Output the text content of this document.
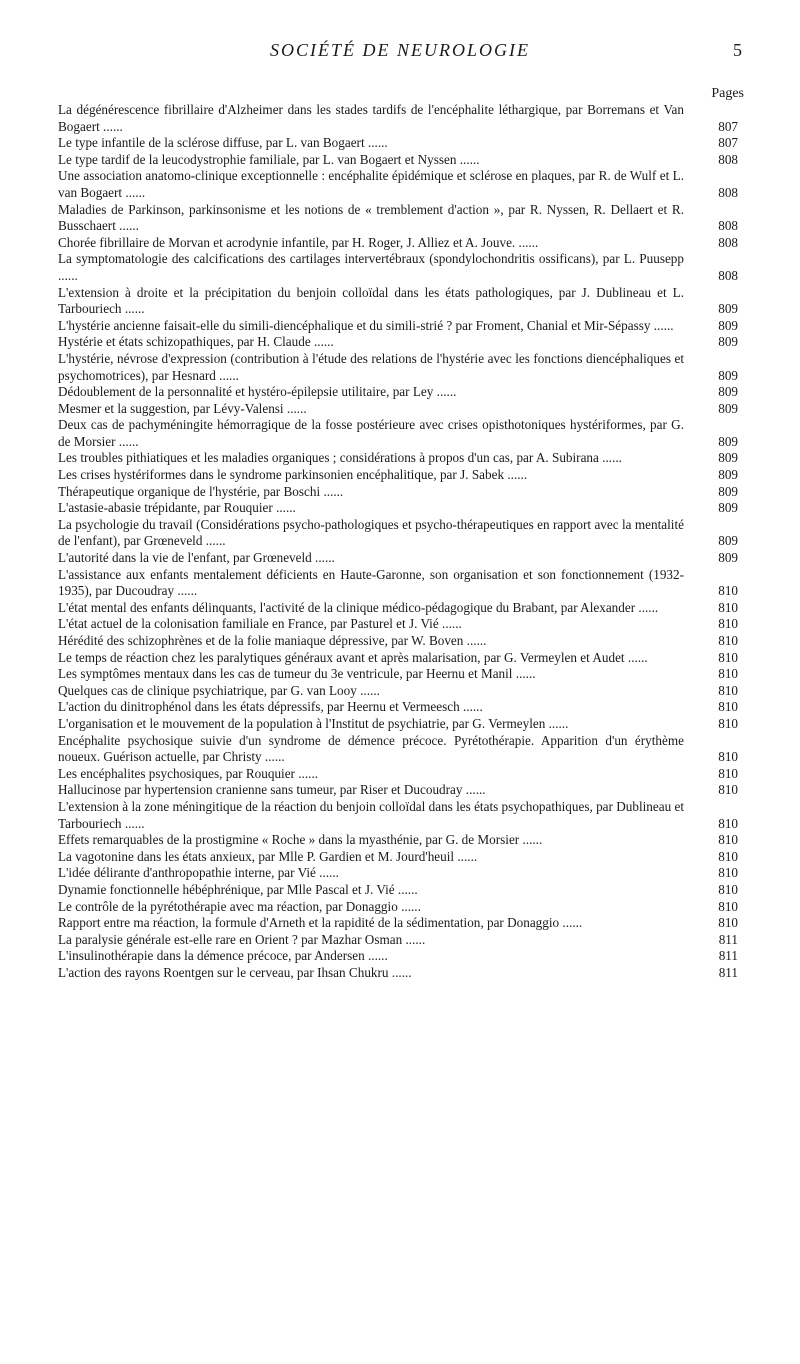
SOCIÉTÉ DE NEUROLOGIE	5
Pages
La dégénérescence fibrillaire d'Alzheimer dans les stades tardifs de l'encéphalite léthargique, par Borremans et Van Bogaert ......	807
Le type infantile de la sclérose diffuse, par L. van Bogaert ......	807
Le type tardif de la leucodystrophie familiale, par L. van Bogaert et Nyssen ......	808
Une association anatomo-clinique exceptionnelle : encéphalite épidémique et sclérose en plaques, par R. de Wulf et L. van Bogaert ......	808
Maladies de Parkinson, parkinsonisme et les notions de « tremblement d'action », par R. Nyssen, R. Dellaert et R. Busschaert ......	808
Chorée fibrillaire de Morvan et acrodynie infantile, par H. Roger, J. Alliez et A. Jouve. ......	808
La symptomatologie des calcifications des cartilages intervertébraux (spondylochondritis ossificans), par L. Puusepp ......	808
L'extension à droite et la précipitation du benjoin colloïdal dans les états pathologiques, par J. Dublineau et L. Tarbouriech ......	809
L'hystérie ancienne faisait-elle du simili-diencéphalique et du simili-strié ? par Froment, Chanial et Mir-Sépassy ......	809
Hystérie et états schizopathiques, par H. Claude ......	809
L'hystérie, névrose d'expression (contribution à l'étude des relations de l'hystérie avec les fonctions diencéphaliques et psychomotrices), par Hesnard ......	809
Dédoublement de la personnalité et hystéro-épilepsie utilitaire, par Ley ......	809
Mesmer et la suggestion, par Lévy-Valensi ......	809
Deux cas de pachyméningite hémorragique de la fosse postérieure avec crises opisthotoniques hystériformes, par G. de Morsier ......	809
Les troubles pithiatiques et les maladies organiques ; considérations à propos d'un cas, par A. Subirana ......	809
Les crises hystériformes dans le syndrome parkinsonien encéphalitique, par J. Sabek ......	809
Thérapeutique organique de l'hystérie, par Boschi ......	809
L'astasie-abasie trépidante, par Rouquier ......	809
La psychologie du travail (Considérations psycho-pathologiques et psycho-thérapeutiques en rapport avec la mentalité de l'enfant), par Grœneveld ......	809
L'autorité dans la vie de l'enfant, par Grœneveld ......	809
L'assistance aux enfants mentalement déficients en Haute-Garonne, son organisation et son fonctionnement (1932-1935), par Ducoudray ......	810
L'état mental des enfants délinquants, l'activité de la clinique médico-pédagogique du Brabant, par Alexander ......	810
L'état actuel de la colonisation familiale en France, par Pasturel et J. Vié ......	810
Hérédité des schizophrènes et de la folie maniaque dépressive, par W. Boven ......	810
Le temps de réaction chez les paralytiques généraux avant et après malarisation, par G. Vermeylen et Audet ......	810
Les symptômes mentaux dans les cas de tumeur du 3e ventricule, par Heernu et Manil ......	810
Quelques cas de clinique psychiatrique, par G. van Looy ......	810
L'action du dinitrophénol dans les états dépressifs, par Heernu et Vermeesch ......	810
L'organisation et le mouvement de la population à l'Institut de psychiatrie, par G. Vermeylen ......	810
Encéphalite psychosique suivie d'un syndrome de démence précoce. Pyrétothérapie. Apparition d'un érythème noueux. Guérison actuelle, par Christy ......	810
Les encéphalites psychosiques, par Rouquier ......	810
Hallucinose par hypertension cranienne sans tumeur, par Riser et Ducoudray ......	810
L'extension à la zone méningitique de la réaction du benjoin colloïdal dans les états psychopathiques, par Dublineau et Tarbouriech ......	810
Effets remarquables de la prostigmine « Roche » dans la myasthénie, par G. de Morsier ......	810
La vagotonine dans les états anxieux, par Mlle P. Gardien et M. Jourd'heuil ......	810
L'idée délirante d'anthropopathie interne, par Vié ......	810
Dynamie fonctionnelle hébéphrénique, par Mlle Pascal et J. Vié ......	810
Le contrôle de la pyrétothérapie avec ma réaction, par Donaggio ......	810
Rapport entre ma réaction, la formule d'Arneth et la rapidité de la sédimentation, par Donaggio ......	810
La paralysie générale est-elle rare en Orient ? par Mazhar Osman ......	811
L'insulinothérapie dans la démence précoce, par Andersen ......	811
L'action des rayons Roentgen sur le cerveau, par Ihsan Chukru ......	811
